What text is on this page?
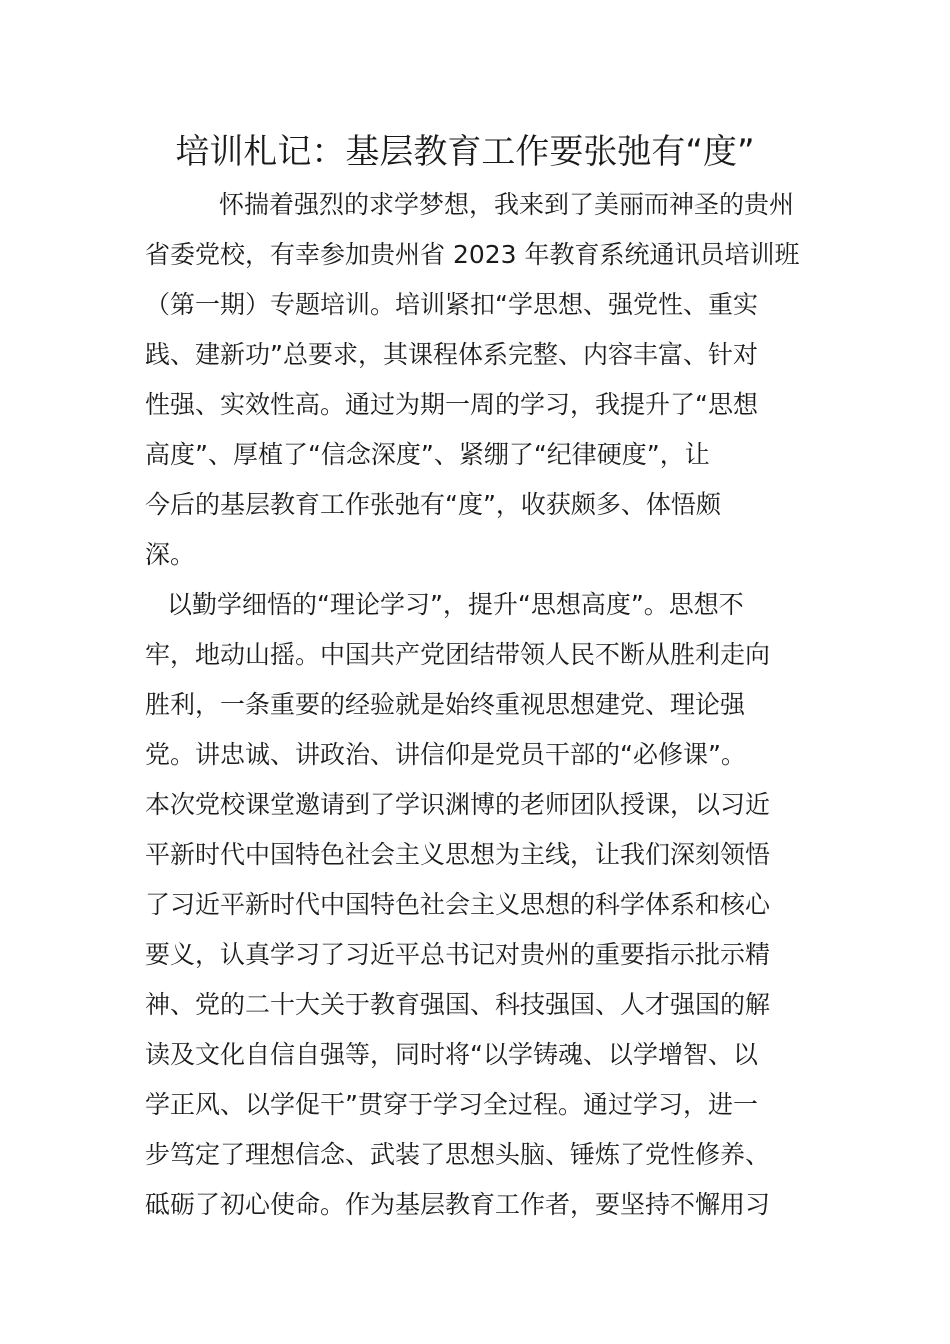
培训札记：基层教育工作要张弛有“度”
怀揣着强烈的求学梦想，我来到了美丽而神圣的贵州
省委党校，有幸参加贵州省 2023 年教育系统通讯员培训班
（第一期）专题培训。培训紧扣“学思想、强党性、重实
践、建新功”总要求，其课程体系完整、内容丰富、针对
性强、实效性高。通过为期一周的学习，我提升了“思想
高度”、厚植了“信念深度”、紧绷了“纪律硬度”，让
今后的基层教育工作张弛有“度”，收获颇多、体悟颇
深。
以勤学细悟的“理论学习”，提升“思想高度”。思想不
牢，地动山摇。中国共产党团结带领人民不断从胜利走向
胜利，一条重要的经验就是始终重视思想建党、理论强
党。讲忠诚、讲政治、讲信仰是党员干部的“必修课”。
本次党校课堂邀请到了学识渊博的老师团队授课，以习近
平新时代中国特色社会主义思想为主线，让我们深刻领悟
了习近平新时代中国特色社会主义思想的科学体系和核心
要义，认真学习了习近平总书记对贵州的重要指示批示精
神、党的二十大关于教育强国、科技强国、人才强国的解
读及文化自信自强等，同时将“以学铸魂、以学增智、以
学正风、以学促干”贯穿于学习全过程。通过学习，进一
步笃定了理想信念、武装了思想头脑、锤炼了党性修养、
砥砺了初心使命。作为基层教育工作者，要坚持不懈用习
